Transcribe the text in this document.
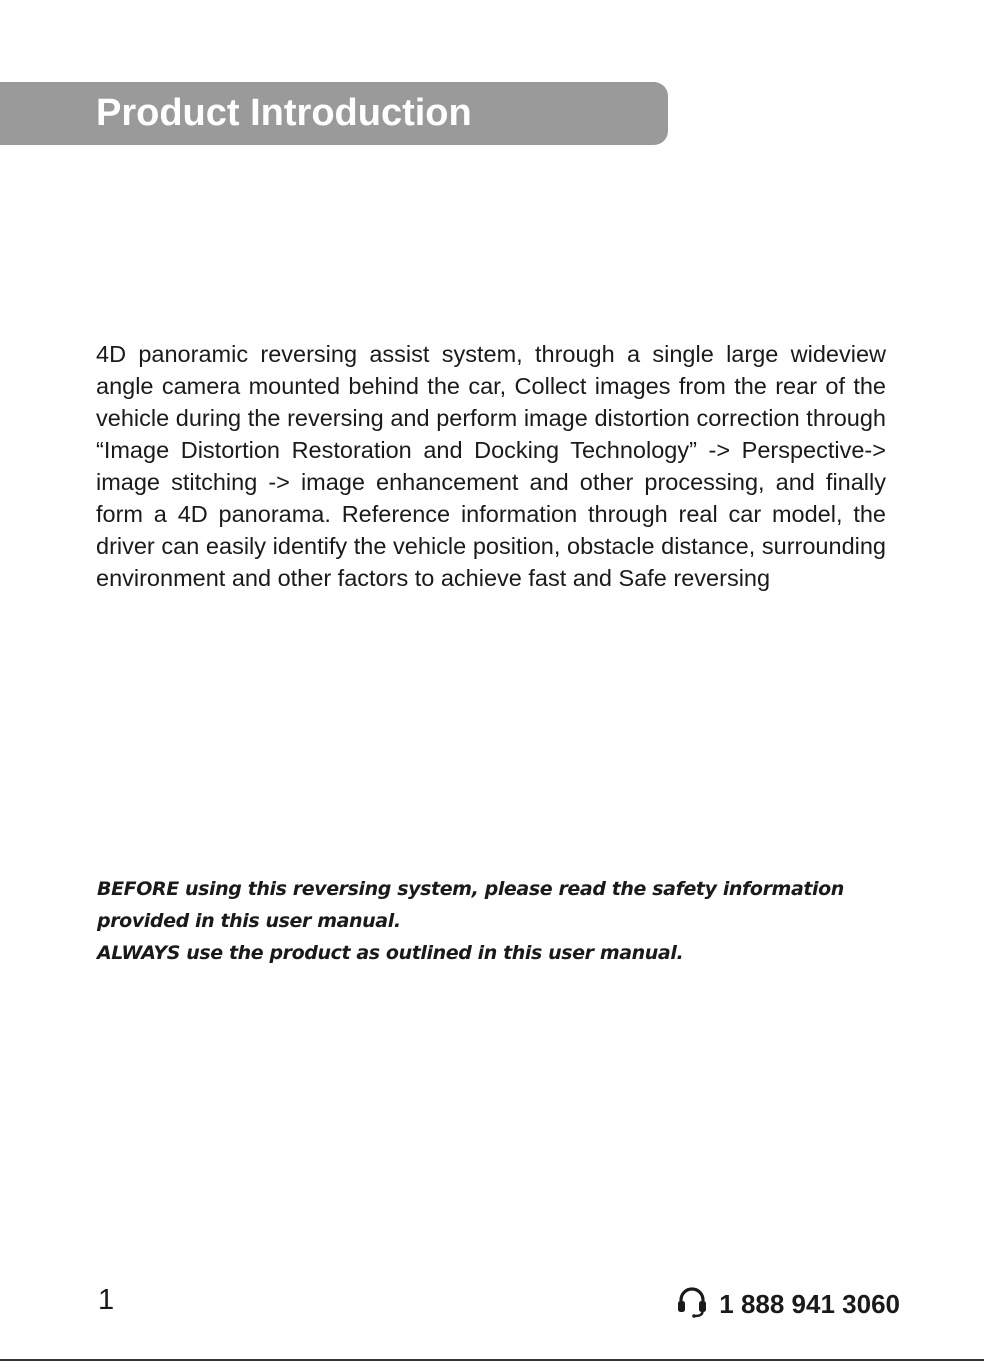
Product Introduction

4D panoramic reversing assist system, through a single large wideview angle camera mounted behind the car, Collect images from the rear of the vehicle during the reversing and perform image distortion correction through “Image Distortion Restoration and Docking Technology” -> Perspective-> image stitching -> image enhancement and other processing, and finally form a 4D panorama. Reference information through real car model, the driver can easily identify the vehicle position, obstacle distance, surrounding environment and other factors to achieve fast and Safe reversing

BEFORE using this reversing system, please read the safety information
provided in this user manual.
ALWAYS use the product as outlined in this user manual.
1	1 888 941 3060
